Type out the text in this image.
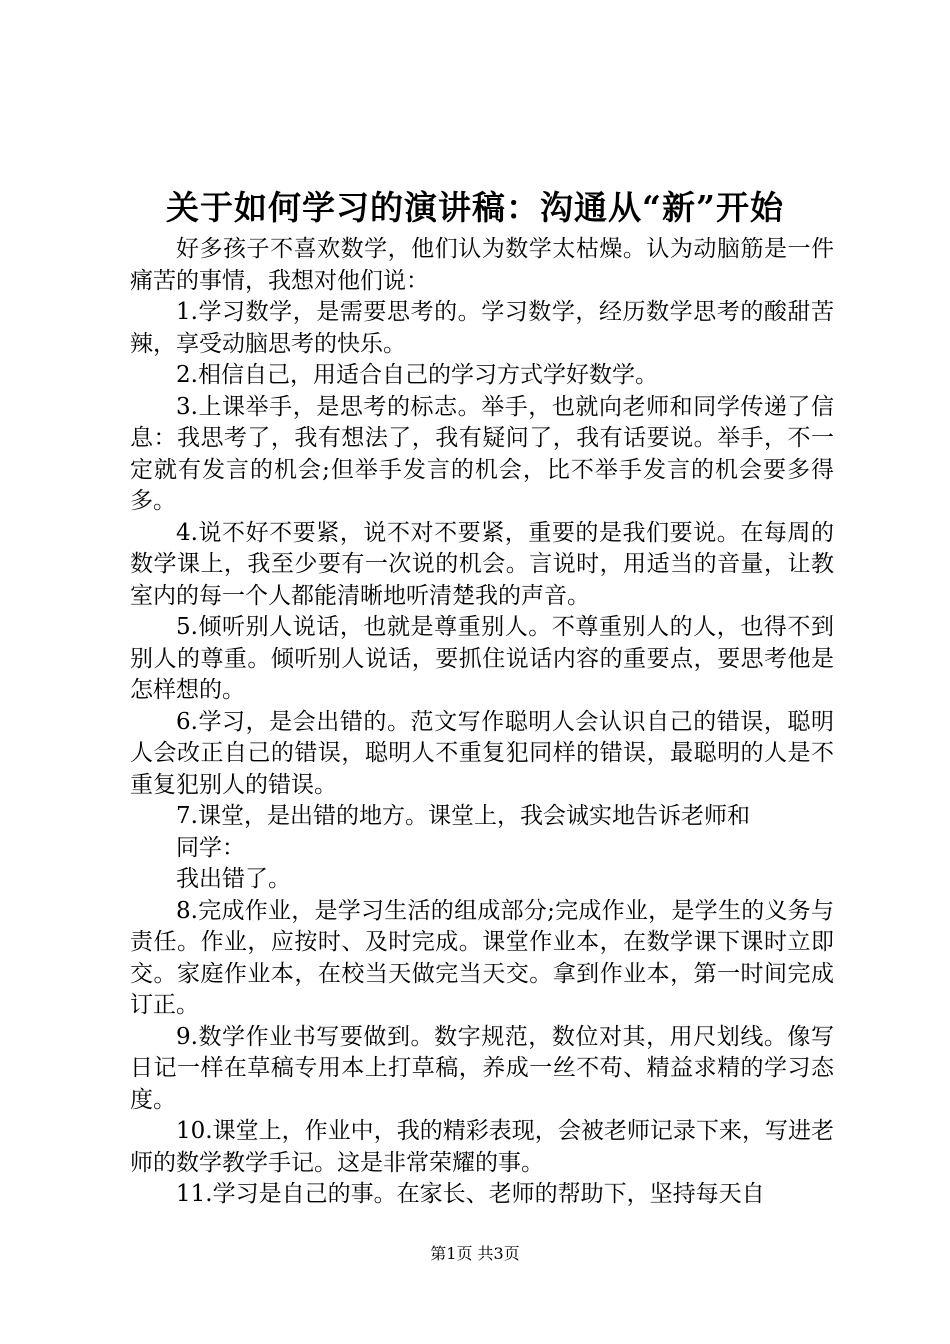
关于如何学习的演讲稿：沟通从“新”开始

好多孩子不喜欢数学，他们认为数学太枯燥。认为动脑筋是一件痛苦的事情，我想对他们说：

1.学习数学，是需要思考的。学习数学，经历数学思考的酸甜苦辣，享受动脑思考的快乐。

2.相信自己，用适合自己的学习方式学好数学。

3.上课举手，是思考的标志。举手，也就向老师和同学传递了信息：我思考了，我有想法了，我有疑问了，我有话要说。举手，不一定就有发言的机会;但举手发言的机会，比不举手发言的机会要多得多。

4.说不好不要紧，说不对不要紧，重要的是我们要说。在每周的数学课上，我至少要有一次说的机会。言说时，用适当的音量，让教室内的每一个人都能清晰地听清楚我的声音。

5.倾听别人说话，也就是尊重别人。不尊重别人的人，也得不到别人的尊重。倾听别人说话，要抓住说话内容的重要点，要思考他是怎样想的。

6.学习，是会出错的。范文写作聪明人会认识自己的错误，聪明人会改正自己的错误，聪明人不重复犯同样的错误，最聪明的人是不重复犯别人的错误。

7.课堂，是出错的地方。课堂上，我会诚实地告诉老师和

同学：

我出错了。

8.完成作业，是学习生活的组成部分;完成作业，是学生的义务与责任。作业，应按时、及时完成。课堂作业本，在数学课下课时立即交。家庭作业本，在校当天做完当天交。拿到作业本，第一时间完成订正。

9.数学作业书写要做到。数字规范，数位对其，用尺划线。像写日记一样在草稿专用本上打草稿，养成一丝不苟、精益求精的学习态度。

10.课堂上，作业中，我的精彩表现，会被老师记录下来，写进老师的数学教学手记。这是非常荣耀的事。

11.学习是自己的事。在家长、老师的帮助下，坚持每天自

第1页 共3页
